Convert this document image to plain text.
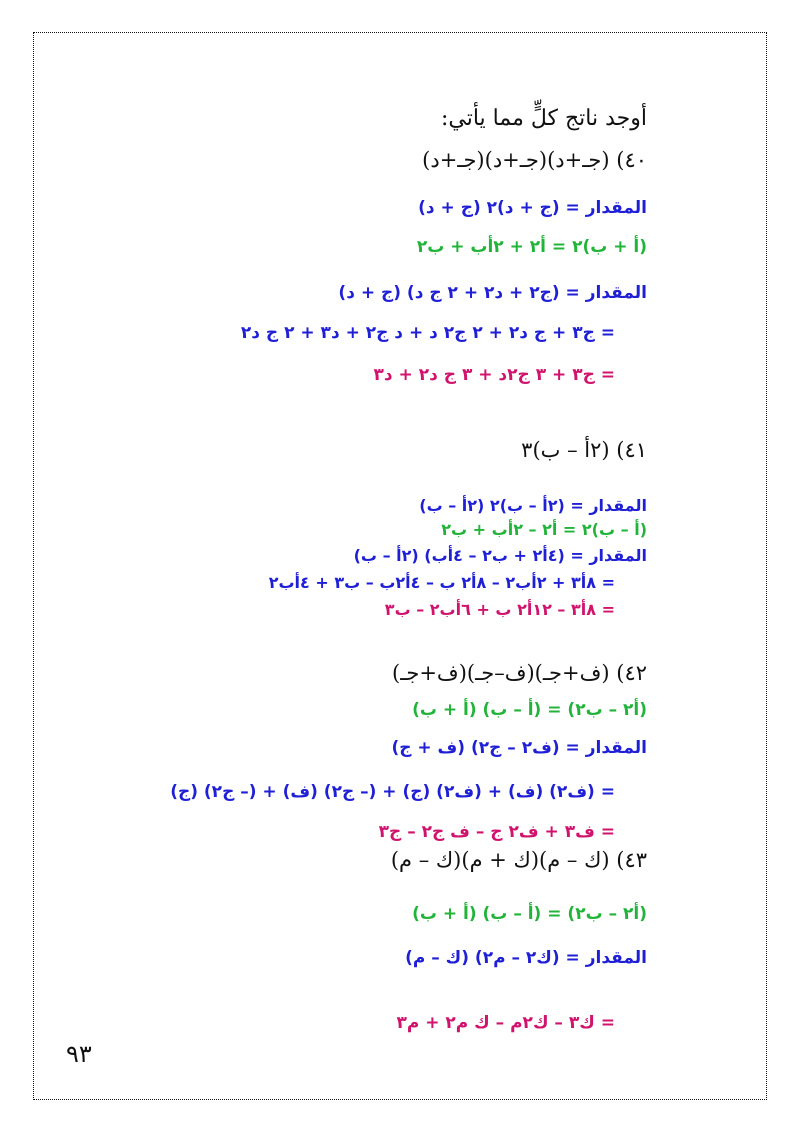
أوجد ناتج كلٍّ مما يأتي:
٤٠) (جـ+د)(جـ+د)(جـ+د)
المقدار = (ج + د)٢ (ج + د)
(أ + ب)٢ = أ٢ + ٢أب + ب٢
المقدار = (ج٢ + د٢ + ٢ ج د) (ج + د)
= ج٣ + ج د٢ + ٢ ج٢ د + د ج٢ + د٣ + ٢ ج د٢
= ج٣ + ٣ ج٢د + ٣ ج د٢ + د٣
٤١) (٢أ – ب)٣
المقدار = (٢أ – ب)٢ (٢أ – ب)
(أ – ب)٢ = أ٢ – ٢أب + ب٢
المقدار = (٤أ٢ + ب٢ – ٤أب) (٢أ – ب)
= ٨أ٣ + ٢أب٢ – ٨أ٢ ب – ٤أ٢ب – ب٣ + ٤أب٢
= ٨أ٣ – ١٢أ٢ ب + ٦أب٢ – ب٣
٤٢) (ف+جـ)(ف–جـ)(ف+جـ)
(أ٢ – ب٢) = (أ – ب) (أ + ب)
المقدار = (ف٢ – ج٢) (ف + ج)
= (ف٢) (ف) + (ف٢) (ج) + (– ج٢) (ف) + (– ج٢) (ج)
= ف٣ + ف٢ ج – ف ج٢ – ج٣
٤٣) (ك – م)(ك + م)(ك – م)
(أ٢ – ب٢) = (أ – ب) (أ + ب)
المقدار = (ك٢ – م٢) (ك – م)
= ك٣ – ك٢م – ك م٢ + م٣
٩٣
